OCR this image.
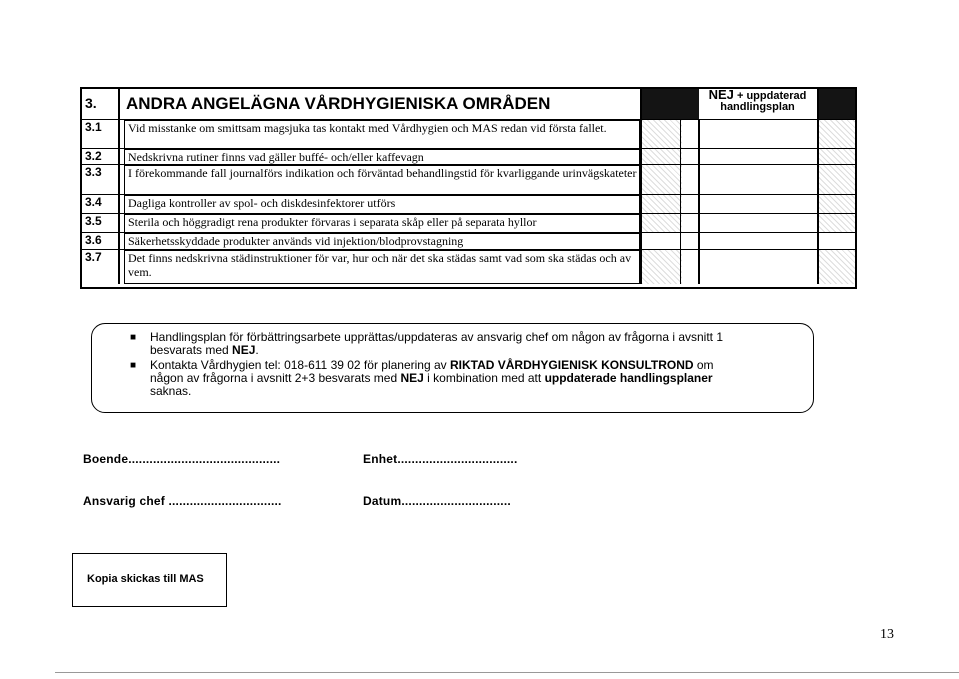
3.	ANDRA ANGELÄGNA VÅRDHYGIENISKA OMRÅDEN	NEJ + uppdaterad
handlingsplan
3.1	Vid misstanke om smittsam magsjuka tas kontakt med Vårdhygien och MAS redan vid första fallet.
3.2	Nedskrivna rutiner finns vad gäller buffé- och/eller kaffevagn
3.3	I förekommande fall journalförs indikation och förväntad behandlingstid för kvarliggande urinvägskateter
3.4	Dagliga kontroller av spol- och diskdesinfektorer utförs
3.5	Sterila och höggradigt rena produkter förvaras i separata skåp eller på separata hyllor
3.6	Säkerhetsskyddade produkter används vid injektion/blodprovstagning
3.7	Det finns nedskrivna städinstruktioner för var, hur och när det ska städas samt vad som ska städas och av vem.
■ Handlingsplan för förbättringsarbete upprättas/uppdateras av ansvarig chef om någon av frågorna i avsnitt 1
besvarats med NEJ.
■ Kontakta Vårdhygien tel: 018-611 39 02 för planering av RIKTAD VÅRDHYGIENISK KONSULTROND om
någon av frågorna i avsnitt 2+3 besvarats med NEJ i kombination med att uppdaterade handlingsplaner
saknas.
Boende...........................................	Enhet..................................
Ansvarig chef ................................	Datum...............................
Kopia skickas till MAS
13
